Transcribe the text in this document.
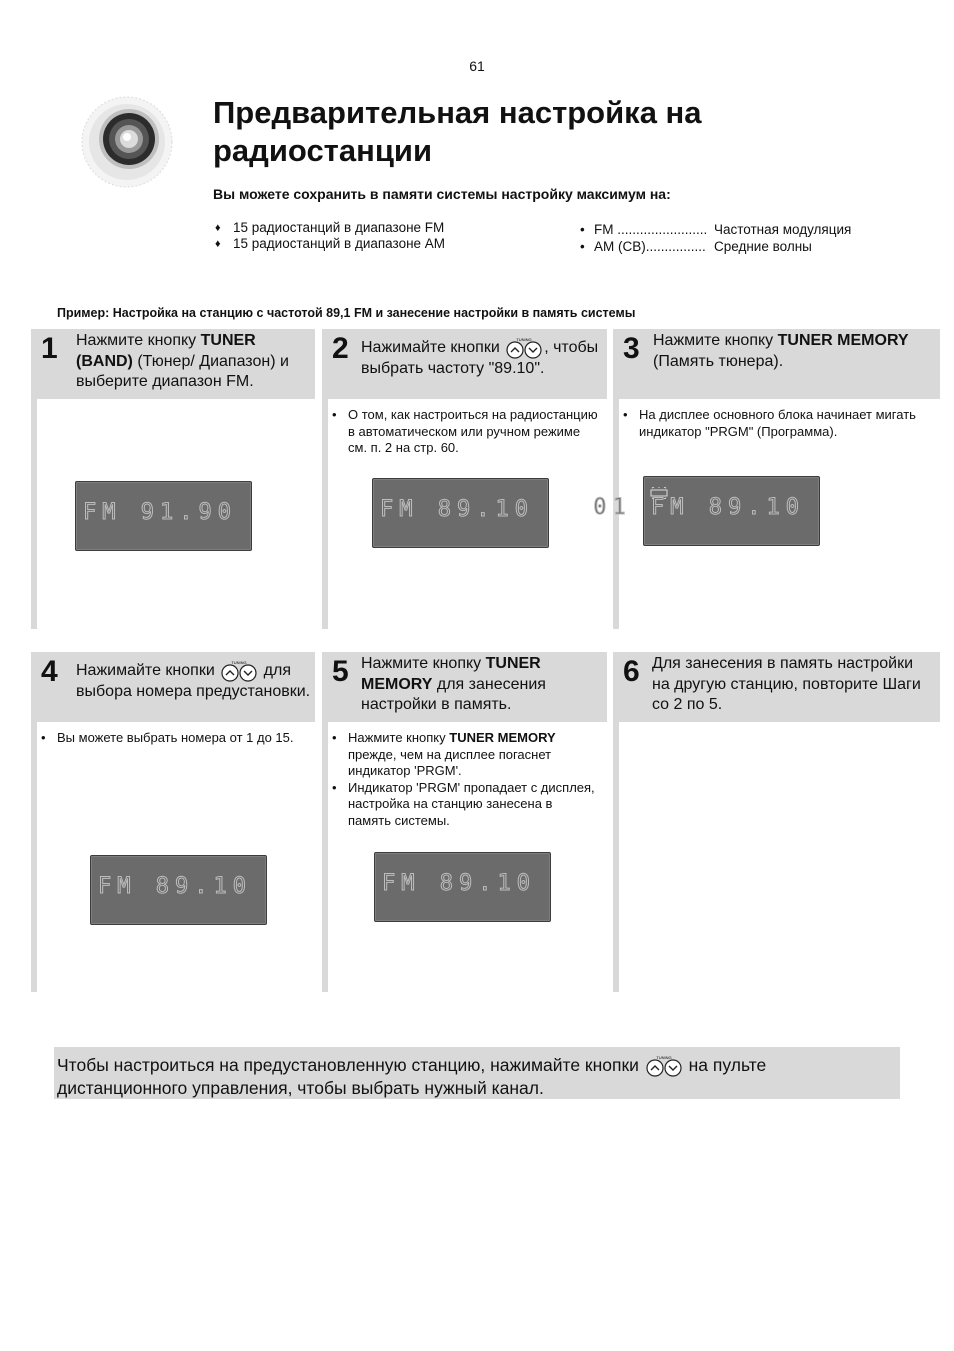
61
Предварительная настройка на радиостанции
Вы можете сохранить в памяти системы настройку максимум на:
♦ 15 радиостанций в диапазоне FM
♦ 15 радиостанций в диапазоне AM
• FM ........................ Частотная модуляция
• AM (CB)................ Средние волны
Пример: Настройка на станцию с частотой 89,1 FM и занесение настройки в память системы
1 Нажмите кнопку TUNER (BAND) (Тюнер/ Диапазон) и выберите диапазон FM.
FM 91.90
2 Нажимайте кнопки	TUNING , чтобы выбрать частоту "89.10".
• О том, как настроиться на радиостанцию в автоматическом или ручном режиме см. п. 2 на стр. 60.
FM 89.10
3 Нажмите кнопку TUNER MEMORY (Память тюнера).
• На дисплее основного блока начинает мигать индикатор "PRGM" (Программа).
01 FM 89.10
4 Нажимайте кнопки	TUNING для выбора номера предустановки.
• Вы можете выбрать номера от 1 до 15.
FM 89.10
5 Нажмите кнопку TUNER MEMORY для занесения настройки в память.
• Нажмите кнопку TUNER MEMORY прежде, чем на дисплее погаснет индикатор 'PRGM'.
• Индикатор 'PRGM' пропадает с дисплея, настройка на станцию занесена в память системы.
FM 89.10
6 Для занесения в память настройки на другую станцию, повторите Шаги со 2 по 5.
Чтобы настроиться на предустановленную станцию, нажимайте кнопки	TUNING на пульте дистанционного управления, чтобы выбрать нужный канал.
